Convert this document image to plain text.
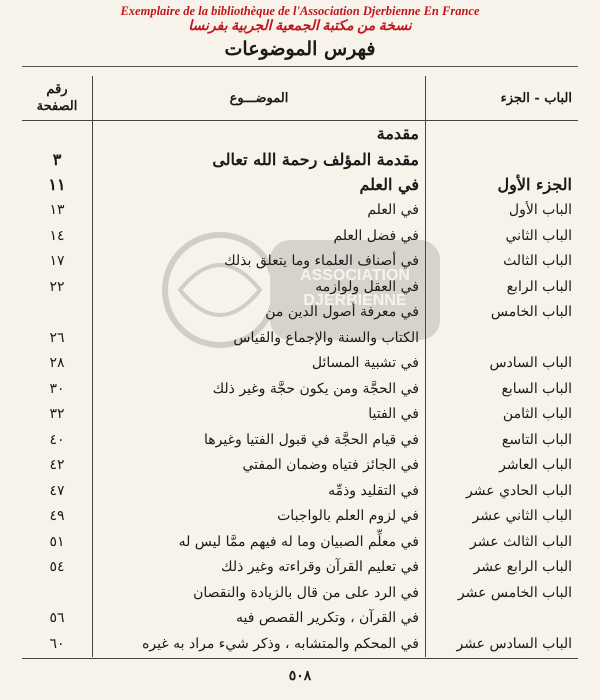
Exemplaire de la bibliothèque de l'Association Djerbienne En France
نسخة من مكتبة الجمعية الجربية بفرنسا
فهرس الموضوعات
ASSOCIATION
DJERBIENNE
الباب - الجزء	الموضـــوع	رقم الصفحة
	مقدمة	
	مقدمة المؤلف رحمة الله تعالى	٣
الجزء الأول	في العلم	١١
الباب الأول	في العلم	١٣
الباب الثاني	في فضل العلم	١٤
الباب الثالث	في أصناف العلماء وما يتعلق بذلك	١٧
الباب الرابع	في العقل ولوازمه	٢٢
الباب الخامس	في معرفة أصول الدين من	
	الكتاب والسنة والإجماع والقياس	٢٦
الباب السادس	في تشبية المسائل	٢٨
الباب السابع	في الحجَّة ومن يكون حجَّة وغير ذلك	٣٠
الباب الثامن	في الفتيا	٣٢
الباب التاسع	في قيام الحجَّة في قبول الفتيا وغيرها	٤٠
الباب العاشر	في الجائز فتياه وضمان المفتي	٤٢
الباب الحادي عشر	في التقليد وذمِّه	٤٧
الباب الثاني عشر	في لزوم العلم بالواجبات	٤٩
الباب الثالث عشر	في معلِّم الصبيان وما له فيهم ممَّا ليس له	٥١
الباب الرابع عشر	في تعليم القرآن وقراءته وغير ذلك	٥٤
الباب الخامس عشر	في الرد على من قال بالزيادة والنقصان	
	في القرآن ، وتكرير القصص فيه	٥٦
الباب السادس عشر	في المحكم والمتشابه ، وذكر شيء مراد به غيره	٦٠
٥٠٨
